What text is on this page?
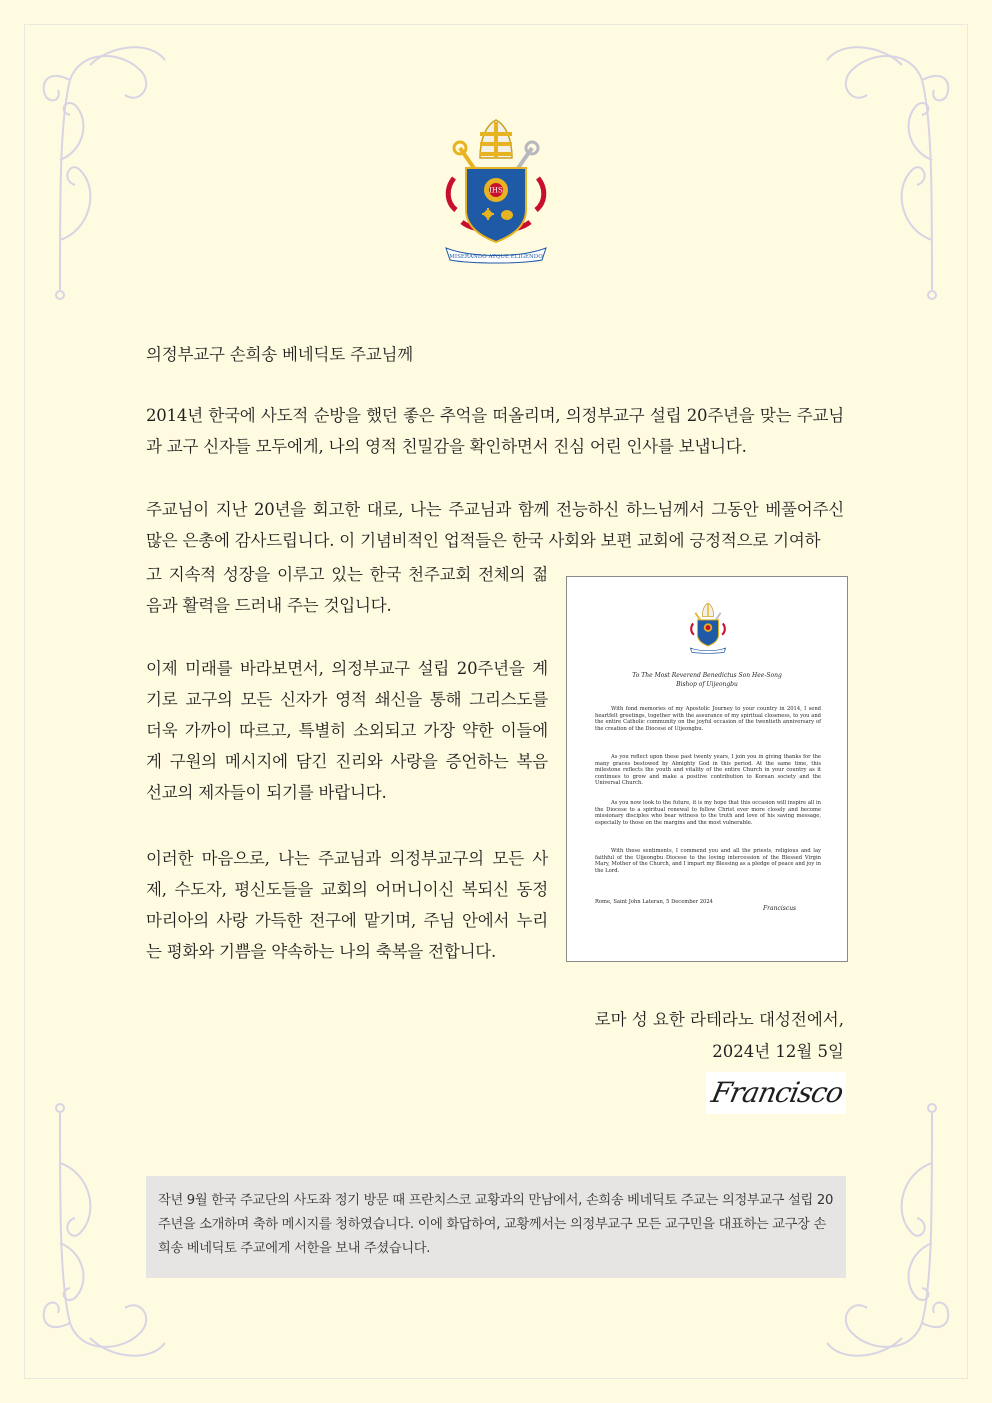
MISERANDO ATQUE ELIGENDO
IHS

의정부교구 손희송 베네딕토 주교님께

2014년 한국에 사도적 순방을 했던 좋은 추억을 떠올리며, 의정부교구 설립 20주년을 맞는 주교님과 교구 신자들 모두에게, 나의 영적 친밀감을 확인하면서 진심 어린 인사를 보냅니다.

주교님이 지난 20년을 회고한 대로, 나는 주교님과 함께 전능하신 하느님께서 그동안 베풀어주신 많은 은총에 감사드립니다. 이 기념비적인 업적들은 한국 사회와 보편 교회에 긍정적으로 기여하

고 지속적 성장을 이루고 있는 한국 천주교회 전체의 젊음과 활력을 드러내 주는 것입니다.

이제 미래를 바라보면서, 의정부교구 설립 20주년을 계기로 교구의 모든 신자가 영적 쇄신을 통해 그리스도를 더욱 가까이 따르고, 특별히 소외되고 가장 약한 이들에게 구원의 메시지에 담긴 진리와 사랑을 증언하는 복음 선교의 제자들이 되기를 바랍니다.

이러한 마음으로, 나는 주교님과 의정부교구의 모든 사제, 수도자, 평신도들을 교회의 어머니이신 복되신 동정 마리아의 사랑 가득한 전구에 맡기며, 주님 안에서 누리는 평화와 기쁨을 약속하는 나의 축복을 전합니다.

To The Most Reverend Benedictus Son Hee-Song

Bishop of Uijeongbu

With fond memories of my Apostolic Journey to your country in 2014, I send heartfelt greetings, together with the assurance of my spiritual closeness, to you and the entire Catholic community on the joyful occasion of the twentieth anniversary of the creation of the Diocese of Uijeongbu.

As you reflect upon these past twenty years, I join you in giving thanks for the many graces bestowed by Almighty God in this period. At the same time, this milestone reflects the youth and vitality of the entire Church in your country as it continues to grow and make a positive contribution to Korean society and the Universal Church.

As you now look to the future, it is my hope that this occasion will inspire all in the Diocese to a spiritual renewal to follow Christ ever more closely and become missionary disciples who bear witness to the truth and love of his saving message, especially to those on the margins and the most vulnerable.

With these sentiments, I commend you and all the priests, religious and lay faithful of the Uijeongbu Diocese to the loving intercession of the Blessed Virgin Mary, Mother of the Church, and I impart my Blessing as a pledge of peace and joy in the Lord.

Rome, Saint John Lateran, 5 December 2024

Franciscus

로마 성 요한 라테라노 대성전에서,

2024년 12월 5일

Francisco

작년 9월 한국 주교단의 사도좌 정기 방문 때 프란치스코 교황과의 만남에서, 손희송 베네딕토 주교는 의정부교구 설립 20주년을 소개하며 축하 메시지를 청하였습니다. 이에 화답하여, 교황께서는 의정부교구 모든 교구민을 대표하는 교구장 손희송 베네딕토 주교에게 서한을 보내 주셨습니다.
